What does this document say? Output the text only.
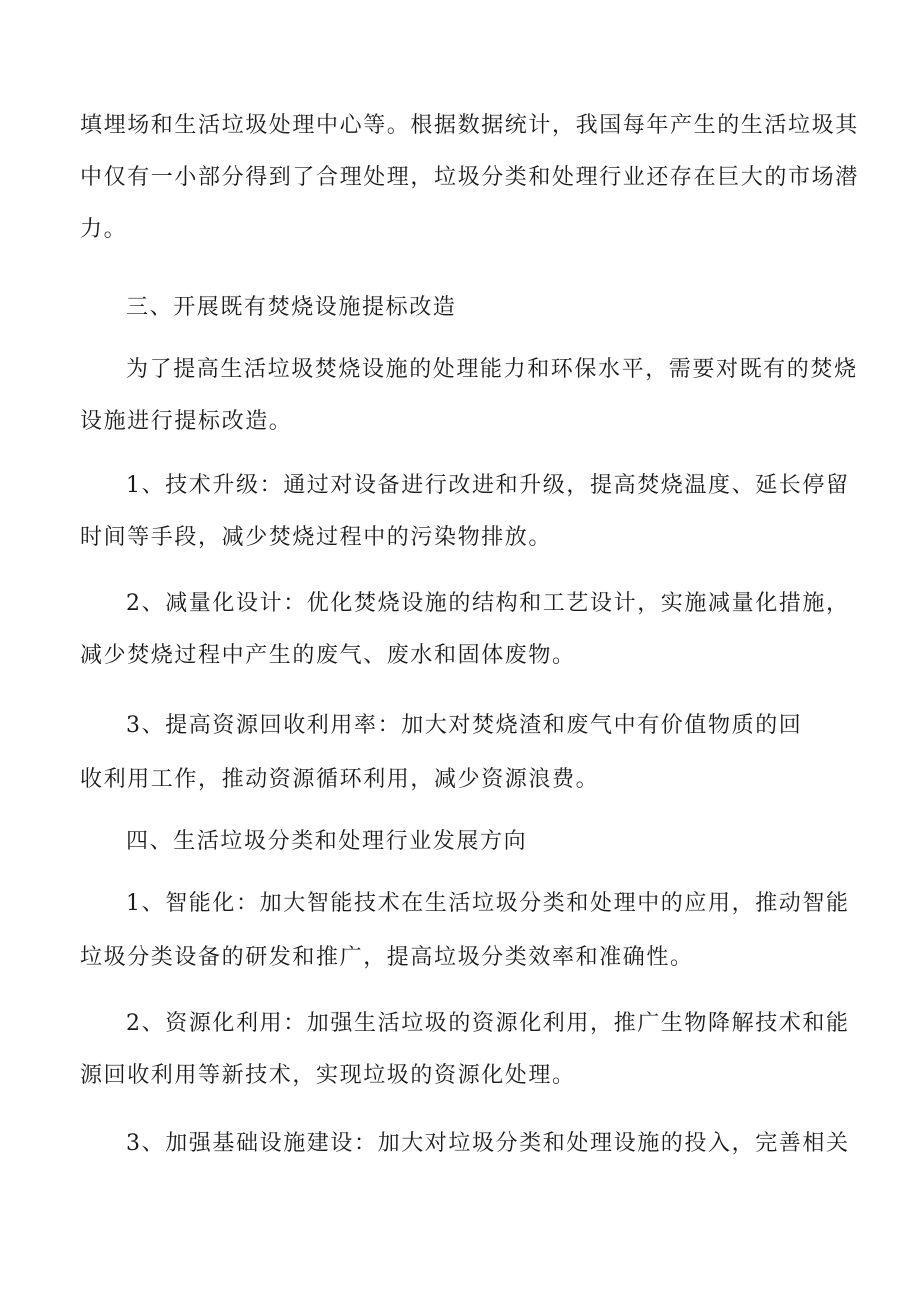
填埋场和生活垃圾处理中心等。根据数据统计，我国每年产生的生活垃圾其
中仅有一小部分得到了合理处理，垃圾分类和处理行业还存在巨大的市场潜
力。
三、开展既有焚烧设施提标改造
为了提高生活垃圾焚烧设施的处理能力和环保水平，需要对既有的焚烧
设施进行提标改造。
1、技术升级：通过对设备进行改进和升级，提高焚烧温度、延长停留
时间等手段，减少焚烧过程中的污染物排放。
2、减量化设计：优化焚烧设施的结构和工艺设计，实施减量化措施，
减少焚烧过程中产生的废气、废水和固体废物。
3、提高资源回收利用率：加大对焚烧渣和废气中有价值物质的回
收利用工作，推动资源循环利用，减少资源浪费。
四、生活垃圾分类和处理行业发展方向
1、智能化：加大智能技术在生活垃圾分类和处理中的应用，推动智能
垃圾分类设备的研发和推广，提高垃圾分类效率和准确性。
2、资源化利用：加强生活垃圾的资源化利用，推广生物降解技术和能
源回收利用等新技术，实现垃圾的资源化处理。
3、加强基础设施建设：加大对垃圾分类和处理设施的投入，完善相关
